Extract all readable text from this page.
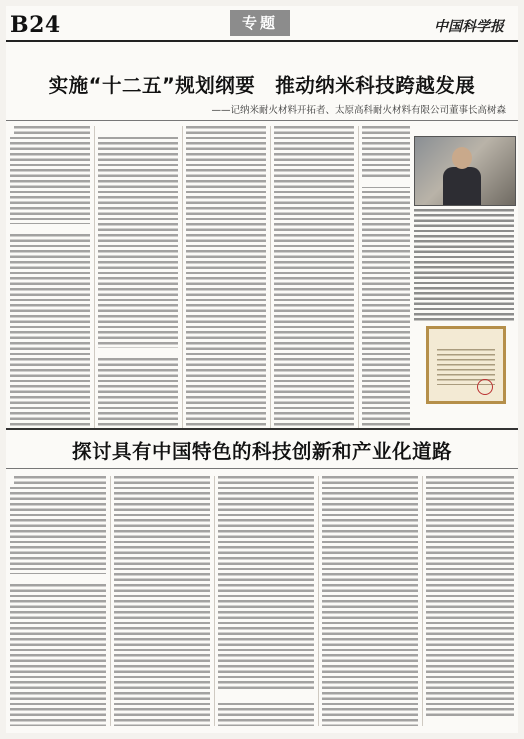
B24	专题	中国科学报
实施“十二五”规划纲要　推动纳米科技跨越发展
——记纳米耐火材料开拓者、太原高科耐火材料有限公司董事长高树森
探讨具有中国特色的科技创新和产业化道路
